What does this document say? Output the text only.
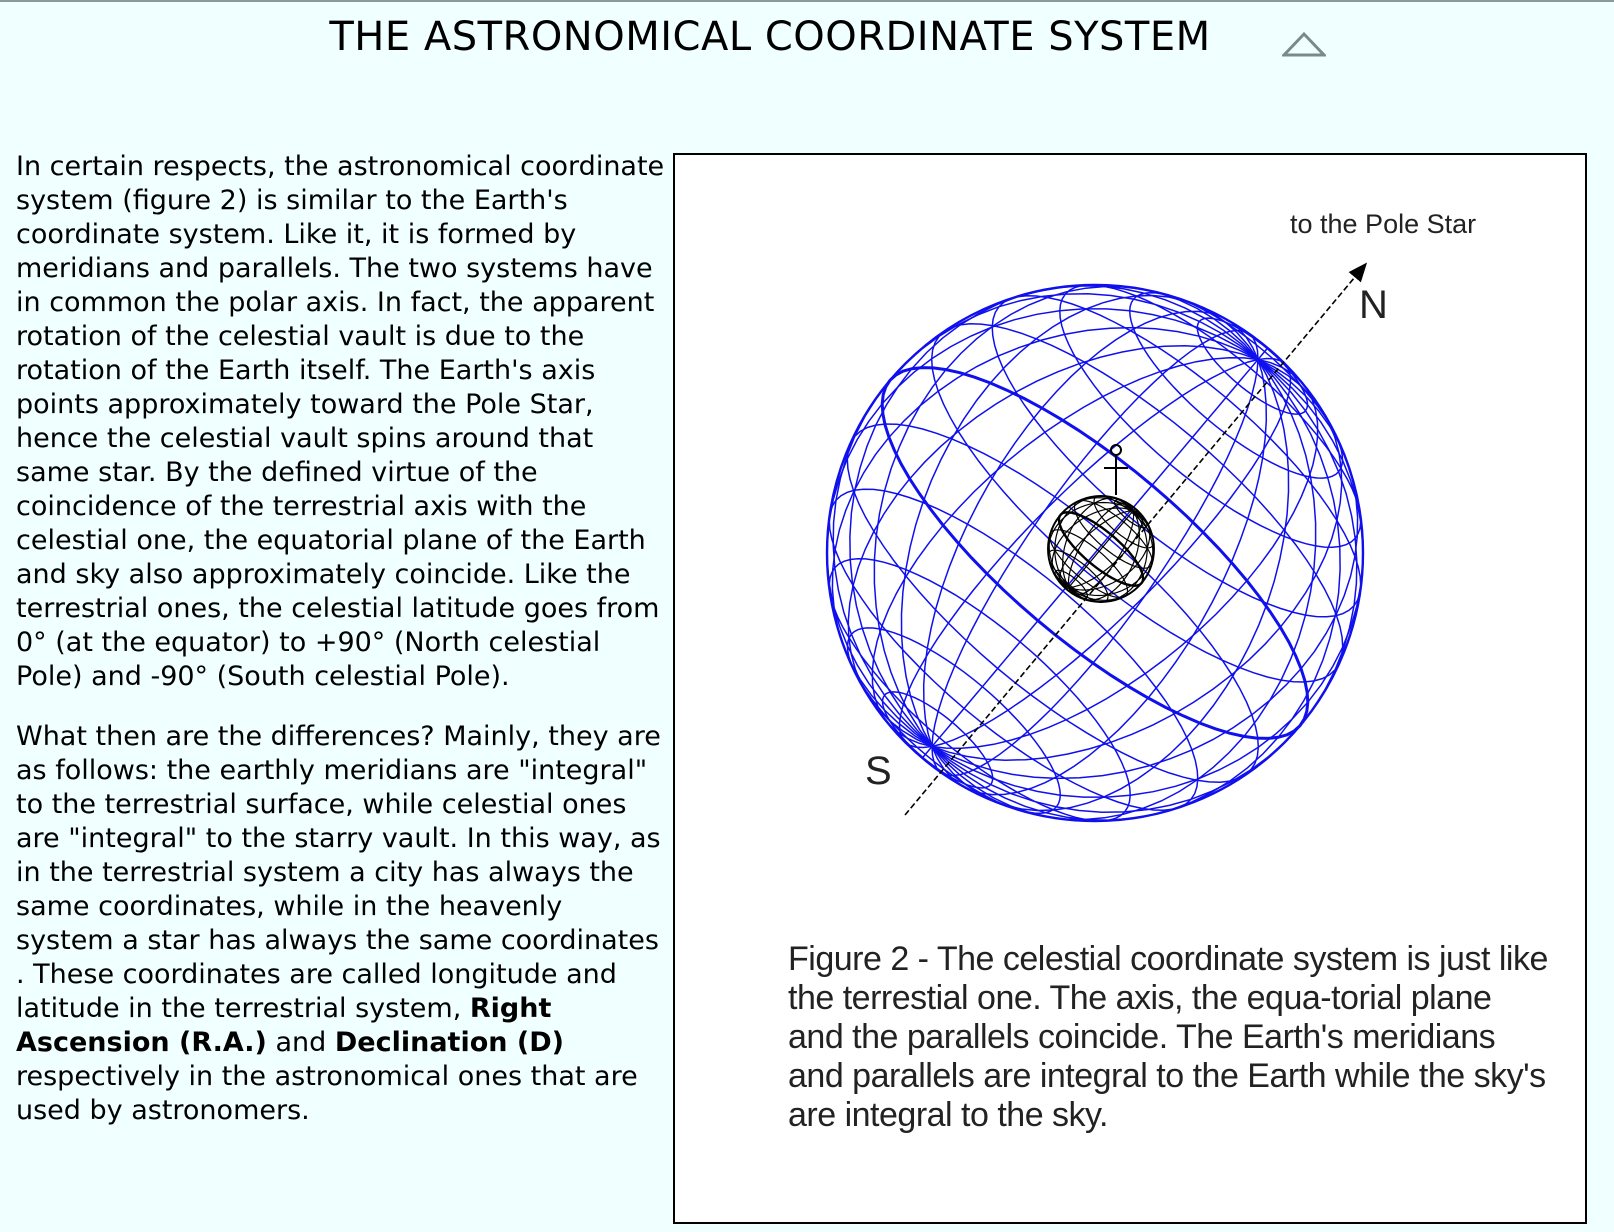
THE ASTRONOMICAL COORDINATE SYSTEM

In certain respects, the astronomical coordinate system (figure 2) is similar to the Earth's coordinate system. Like it, it is formed by meridians and parallels. The two systems have in common the polar axis. In fact, the apparent rotation of the celestial vault is due to the rotation of the Earth itself. The Earth's axis points approximately toward the Pole Star, hence the celestial vault spins around that same star. By the defined virtue of the coincidence of the terrestrial axis with the celestial one, the equatorial plane of the Earth and sky also approximately coincide. Like the terrestrial ones, the celestial latitude goes from 0° (at the equator) to +90° (North celestial Pole) and -90° (South celestial Pole).

What then are the differences? Mainly, they are as follows: the earthly meridians are "integral" to the terrestrial surface, while celestial ones are "integral" to the starry vault. In this way, as in the terrestrial system a city has always the same coordinates, while in the heavenly system a star has always the same coordinates . These coordinates are called longitude and latitude in the terrestrial system, Right Ascension (R.A.) and Declination (D) respectively in the astronomical ones that are used by astronomers.

to the Pole Star
N
S
Figure 2 - The celestial coordinate system is just like the terrestial one. The axis, the equa-torial plane and the parallels coincide. The Earth's meridians and parallels are integral to the Earth while the sky's are integral to the sky.
